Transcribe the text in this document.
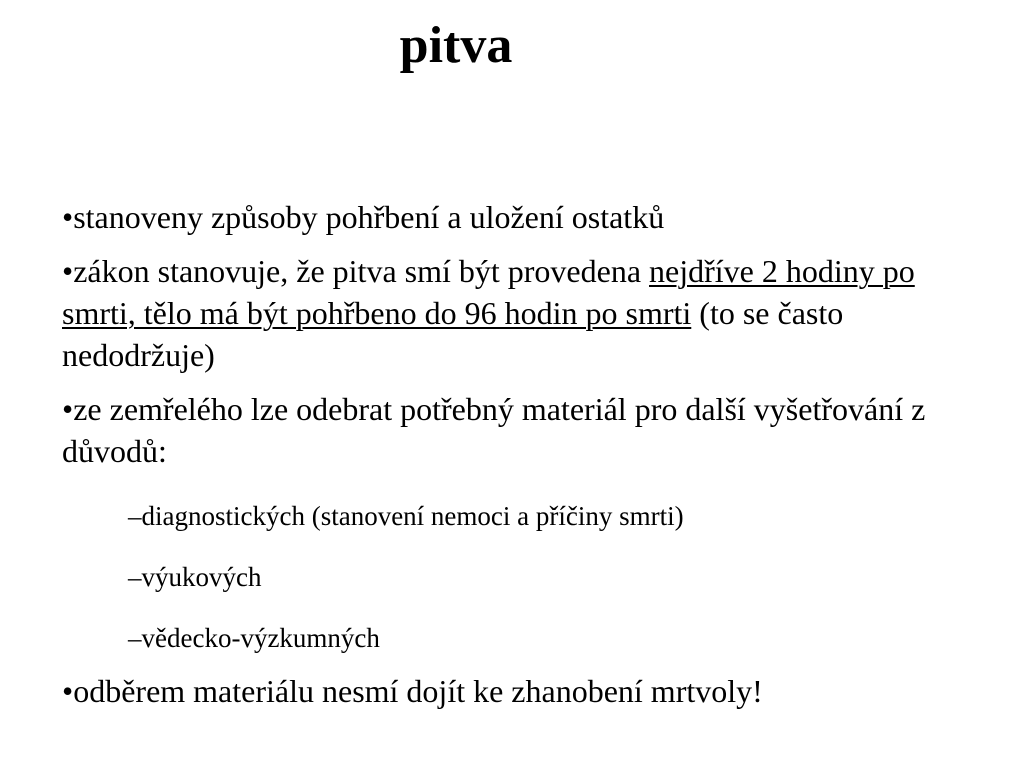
pitva

•stanoveny způsoby pohřbení a uložení ostatků

•zákon stanovuje, že pitva smí být provedena nejdříve 2 hodiny po smrti, tělo má být pohřbeno do 96 hodin po smrti (to se často nedodržuje)

•ze zemřelého lze odebrat potřebný materiál pro další vyšetřování z důvodů:

–diagnostických (stanovení nemoci a příčiny smrti)

–výukových

–vědecko-výzkumných

•odběrem materiálu nesmí dojít ke zhanobení mrtvoly!
